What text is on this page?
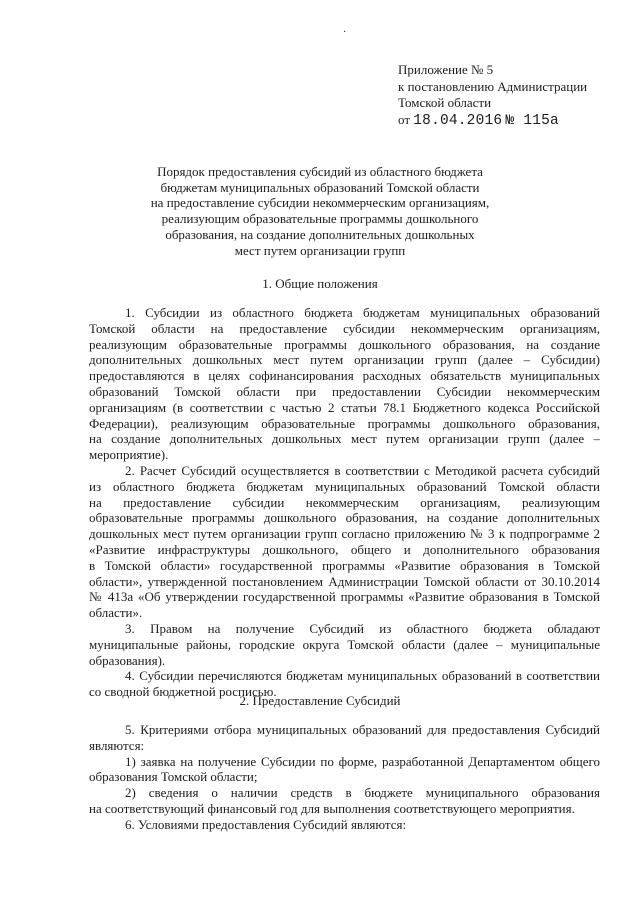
·
Приложение № 5
к постановлению Администрации
Томской области
от 18.04.2016 № 115а
Порядок предоставления субсидий из областного бюджета
бюджетам муниципальных образований Томской области
на предоставление субсидии некоммерческим организациям,
реализующим образовательные программы дошкольного
образования, на создание дополнительных дошкольных
мест путем организации групп
1. Общие положения

1. Субсидии из областного бюджета бюджетам муниципальных образований

Томской области на предоставление субсидии некоммерческим организациям,

реализующим образовательные программы дошкольного образования, на создание

дополнительных дошкольных мест путем организации групп (далее – Субсидии)

предоставляются в целях софинансирования расходных обязательств муниципальных

образований Томской области при предоставлении Субсидии некоммерческим

организациям (в соответствии с частью 2 статьи 78.1 Бюджетного кодекса Российской

Федерации), реализующим образовательные программы дошкольного образования,

на создание дополнительных дошкольных мест путем организации групп (далее –

мероприятие).

2. Расчет Субсидий осуществляется в соответствии с Методикой расчета субсидий

из областного бюджета бюджетам муниципальных образований Томской области

на предоставление субсидии некоммерческим организациям, реализующим

образовательные программы дошкольного образования, на создание дополнительных

дошкольных мест путем организации групп согласно приложению № 3 к подпрограмме 2

«Развитие инфраструктуры дошкольного, общего и дополнительного образования

в Томской области» государственной программы «Развитие образования в Томской

области», утвержденной постановлением Администрации Томской области от 30.10.2014

№ 413а «Об утверждении государственной программы «Развитие образования в Томской

области».

3. Правом на получение Субсидий из областного бюджета обладают

муниципальные районы, городские округа Томской области (далее – муниципальные

образования).

4. Субсидии перечисляются бюджетам муниципальных образований в соответствии

со сводной бюджетной росписью.

2. Предоставление Субсидий

5. Критериями отбора муниципальных образований для предоставления Субсидий

являются:

1) заявка на получение Субсидии по форме, разработанной Департаментом общего

образования Томской области;

2) сведения о наличии средств в бюджете муниципального образования

на соответствующий финансовый год для выполнения соответствующего мероприятия.

6. Условиями предоставления Субсидий являются:
